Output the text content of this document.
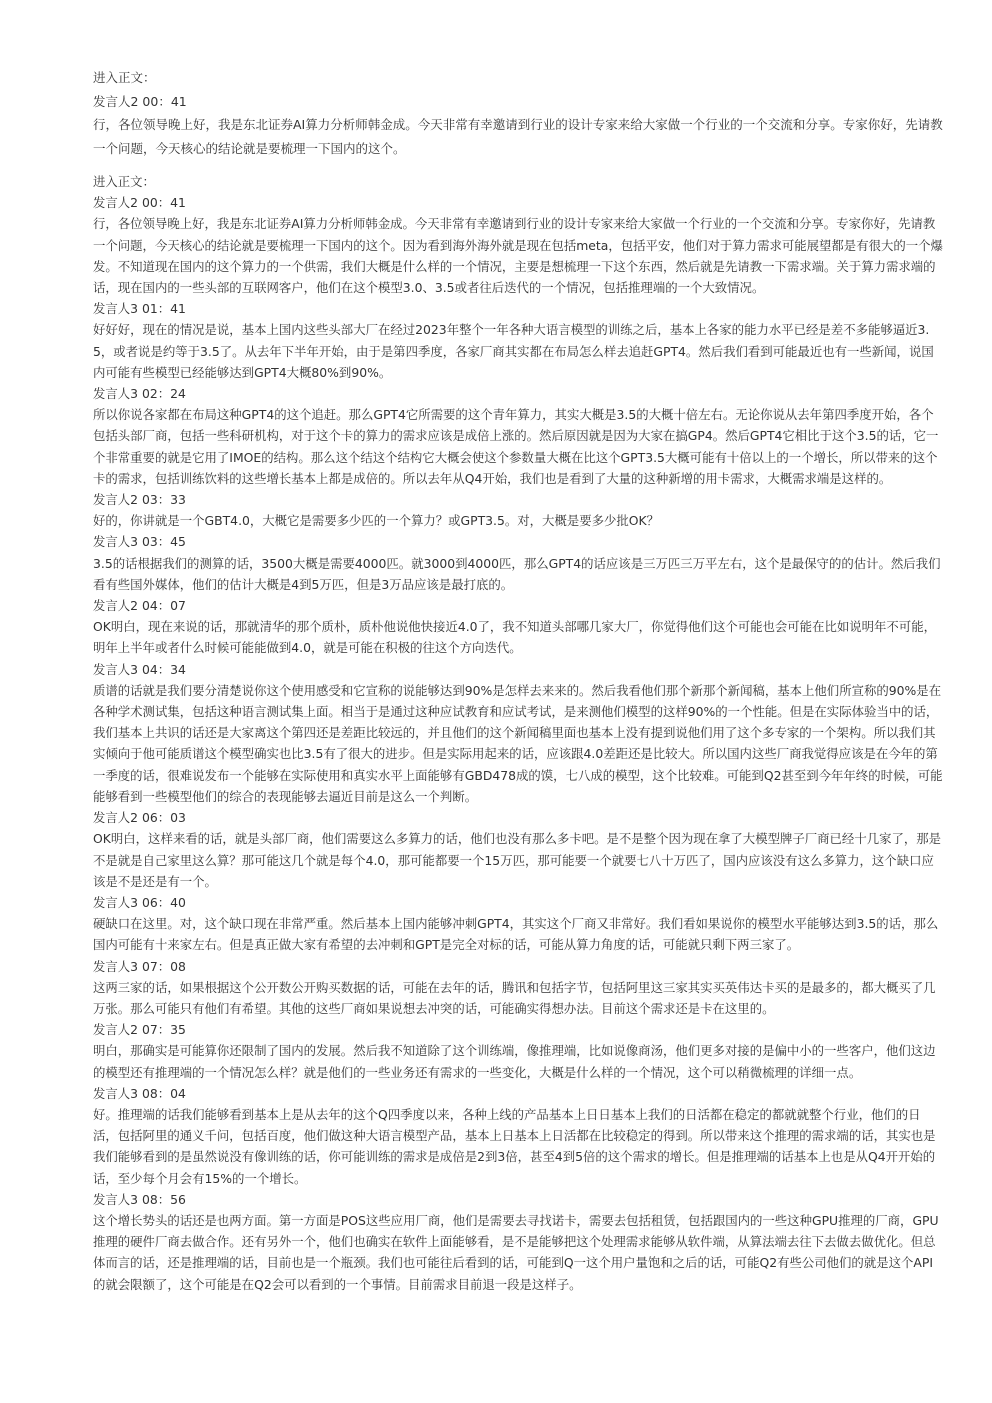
进入正文：
发言人2 00：41
行，各位领导晚上好，我是东北证券AI算力分析师韩金成。今天非常有幸邀请到行业的设计专家来给大家做一个行业的一个交流和分享。专家你好，先请教一个问题，今天核心的结论就是要梳理一下国内的这个。
进入正文：
发言人2 00：41
行，各位领导晚上好，我是东北证券AI算力分析师韩金成。今天非常有幸邀请到行业的设计专家来给大家做一个行业的一个交流和分享。专家你好，先请教一个问题，今天核心的结论就是要梳理一下国内的这个。因为看到海外海外就是现在包括meta，包括平安，他们对于算力需求可能展望都是有很大的一个爆发。不知道现在国内的这个算力的一个供需，我们大概是什么样的一个情况，主要是想梳理一下这个东西，然后就是先请教一下需求端。关于算力需求端的话，现在国内的一些头部的互联网客户，他们在这个模型3.0、3.5或者往后迭代的一个情况，包括推理端的一个大致情况。
发言人3 01：41
好好好，现在的情况是说，基本上国内这些头部大厂在经过2023年整个一年各种大语言模型的训练之后，基本上各家的能力水平已经是差不多能够逼近3.5，或者说是约等于3.5了。从去年下半年开始，由于是第四季度，各家厂商其实都在布局怎么样去追赶GPT4。然后我们看到可能最近也有一些新闻，说国内可能有些模型已经能够达到GPT4大概80%到90%。
发言人3 02：24
所以你说各家都在布局这种GPT4的这个追赶。那么GPT4它所需要的这个青年算力，其实大概是3.5的大概十倍左右。无论你说从去年第四季度开始，各个包括头部厂商，包括一些科研机构，对于这个卡的算力的需求应该是成倍上涨的。然后原因就是因为大家在搞GP4。然后GPT4它相比于这个3.5的话，它一个非常重要的就是它用了IMOE的结构。那么这个结这个结构它大概会使这个参数量大概在比这个GPT3.5大概可能有十倍以上的一个增长，所以带来的这个卡的需求，包括训练饮料的这些增长基本上都是成倍的。所以去年从Q4开始，我们也是看到了大量的这种新增的用卡需求，大概需求端是这样的。
发言人2 03：33
好的，你讲就是一个GBT4.0，大概它是需要多少匹的一个算力？或GPT3.5。对，大概是要多少批OK？
发言人3 03：45
3.5的话根据我们的测算的话，3500大概是需要4000匹。就3000到4000匹，那么GPT4的话应该是三万匹三万平左右，这个是最保守的的估计。然后我们看有些国外媒体，他们的估计大概是4到5万匹，但是3万品应该是最打底的。
发言人2 04：07
OK明白，现在来说的话，那就清华的那个质朴，质朴他说他快接近4.0了，我不知道头部哪几家大厂，你觉得他们这个可能也会可能在比如说明年不可能，明年上半年或者什么时候可能能做到4.0，就是可能在积极的往这个方向迭代。
发言人3 04：34
质谱的话就是我们要分清楚说你这个使用感受和它宣称的说能够达到90%是怎样去来来的。然后我看他们那个新那个新闻稿，基本上他们所宣称的90%是在各种学术测试集，包括这种语言测试集上面。相当于是通过这种应试教育和应试考试，是来测他们模型的这样90%的一个性能。但是在实际体验当中的话，我们基本上共识的话还是大家离这个第四还是差距比较远的，并且他们的这个新闻稿里面也基本上没有提到说他们用了这个多专家的一个架构。所以我们其实倾向于他可能质谱这个模型确实也比3.5有了很大的进步。但是实际用起来的话，应该跟4.0差距还是比较大。所以国内这些厂商我觉得应该是在今年的第一季度的话，很难说发布一个能够在实际使用和真实水平上面能够有GBD478成的馍，七八成的模型，这个比较难。可能到Q2甚至到今年年终的时候，可能能够看到一些模型他们的综合的表现能够去逼近目前是这么一个判断。
发言人2 06：03
OK明白，这样来看的话，就是头部厂商，他们需要这么多算力的话，他们也没有那么多卡吧。是不是整个因为现在拿了大模型牌子厂商已经十几家了，那是不是就是自己家里这么算？那可能这几个就是每个4.0，那可能都要一个15万匹，那可能要一个就要七八十万匹了，国内应该没有这么多算力，这个缺口应该是不是还是有一个。
发言人3 06：40
硬缺口在这里。对，这个缺口现在非常严重。然后基本上国内能够冲刺GPT4，其实这个厂商又非常好。我们看如果说你的模型水平能够达到3.5的话，那么国内可能有十来家左右。但是真正做大家有希望的去冲刺和GPT是完全对标的话，可能从算力角度的话，可能就只剩下两三家了。
发言人3 07：08
这两三家的话，如果根据这个公开数公开购买数据的话，可能在去年的话，腾讯和包括字节，包括阿里这三家其实买英伟达卡买的是最多的，都大概买了几万张。那么可能只有他们有希望。其他的这些厂商如果说想去冲突的话，可能确实得想办法。目前这个需求还是卡在这里的。
发言人2 07：35
明白，那确实是可能算你还限制了国内的发展。然后我不知道除了这个训练端，像推理端，比如说像商汤，他们更多对接的是偏中小的一些客户，他们这边的模型还有推理端的一个情况怎么样？就是他们的一些业务还有需求的一些变化，大概是什么样的一个情况，这个可以稍微梳理的详细一点。
发言人3 08：04
好。推理端的话我们能够看到基本上是从去年的这个Q四季度以来，各种上线的产品基本上日日基本上我们的日活都在稳定的都就就整个行业，他们的日活，包括阿里的通义千问，包括百度，他们做这种大语言模型产品，基本上日基本上日活都在比较稳定的得到。所以带来这个推理的需求端的话，其实也是我们能够看到的是虽然说没有像训练的话，你可能训练的需求是成倍是2到3倍，甚至4到5倍的这个需求的增长。但是推理端的话基本上也是从Q4开开始的话，至少每个月会有15%的一个增长。
发言人3 08：56
这个增长势头的话还是也两方面。第一方面是POS这些应用厂商，他们是需要去寻找诺卡，需要去包括租赁，包括跟国内的一些这种GPU推理的厂商，GPU推理的硬件厂商去做合作。还有另外一个，他们也确实在软件上面能够看，是不是能够把这个处理需求能够从软件端，从算法端去往下去做去做优化。但总体而言的话，还是推理端的话，目前也是一个瓶颈。我们也可能往后看到的话，可能到Q一这个用户量饱和之后的话，可能Q2有些公司他们的就是这个API的就会限额了，这个可能是在Q2会可以看到的一个事情。目前需求目前退一段是这样子。
